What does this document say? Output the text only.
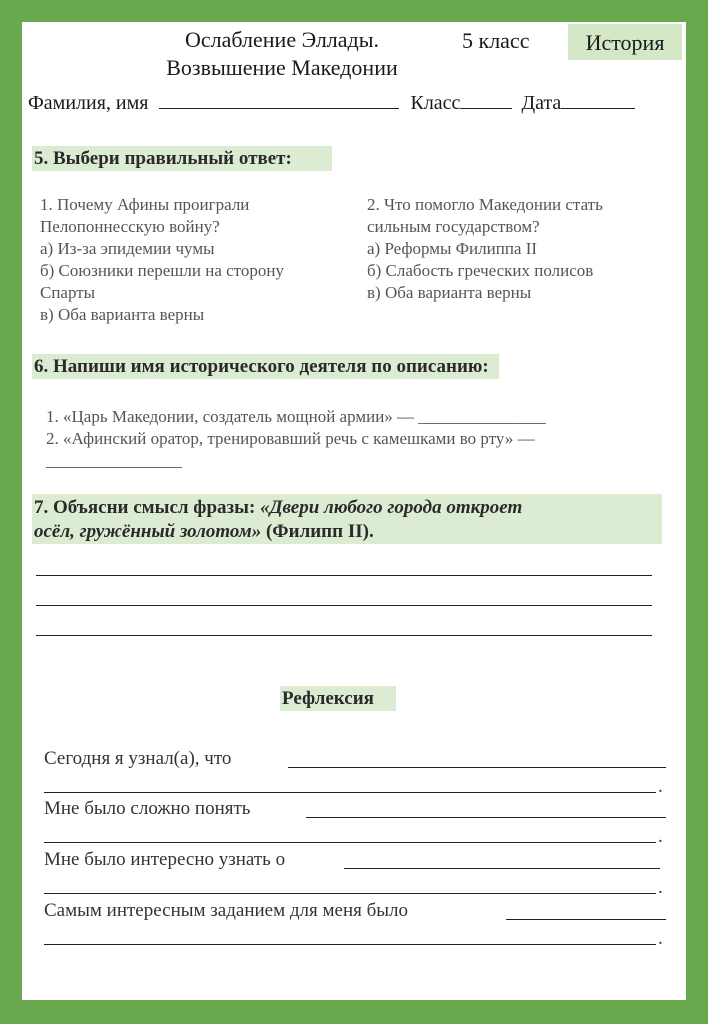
Ослабление Эллады.
Возвышение Македонии
5 класс	История
Фамилия, имя	Класс	Дата
5. Выбери правильный ответ:
1. Почему Афины проиграли
Пелопоннесскую войну?
а) Из-за эпидемии чумы
б) Союзники перешли на сторону
Спарты
в) Оба варианта верны
2. Что помогло Македонии стать
сильным государством?
а) Реформы Филиппа II
б) Слабость греческих полисов
в) Оба варианта верны
6. Напиши имя исторического деятеля по описанию:
1. «Царь Македонии, создатель мощной армии» — _______________
2. «Афинский оратор, тренировавший речь с камешками во рту» —
________________
7. Объясни смысл фразы: «Двери любого города откроет
осёл, гружённый золотом» (Филипп II).
Рефлексия
Сегодня я узнал(а), что
.
Мне было сложно понять
.
Мне было интересно узнать о
.
Самым интересным заданием для меня было
.
